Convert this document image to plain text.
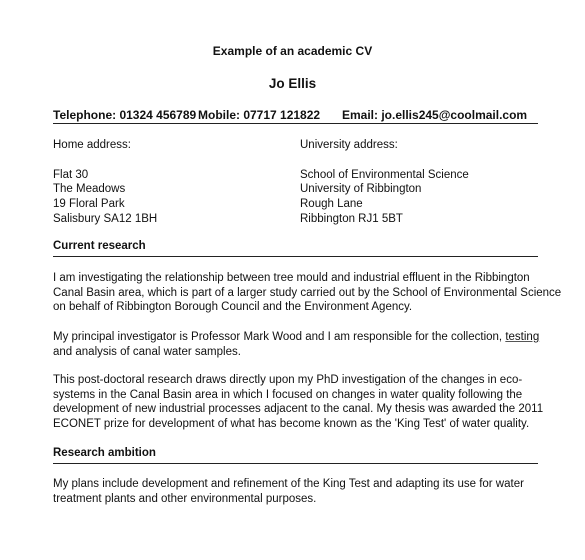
Example of an academic CV
Jo Ellis
Telephone: 01324 456789 Mobile: 07717 121822 Email: jo.ellis245@coolmail.com
Home address:
Flat 30
The Meadows
19 Floral Park
Salisbury SA12 1BH
University address:
School of Environmental Science
University of Ribbington
Rough Lane
Ribbington RJ1 5BT
Current research
I am investigating the relationship between tree mould and industrial effluent in the Ribbington
Canal Basin area, which is part of a larger study carried out by the School of Environmental Science
on behalf of Ribbington Borough Council and the Environment Agency.
My principal investigator is Professor Mark Wood and I am responsible for the collection, testing
and analysis of canal water samples.
This post-doctoral research draws directly upon my PhD investigation of the changes in eco-
systems in the Canal Basin area in which I focused on changes in water quality following the
development of new industrial processes adjacent to the canal. My thesis was awarded the 2011
ECONET prize for development of what has become known as the 'King Test' of water quality.
Research ambition
My plans include development and refinement of the King Test and adapting its use for water
treatment plants and other environmental purposes.
